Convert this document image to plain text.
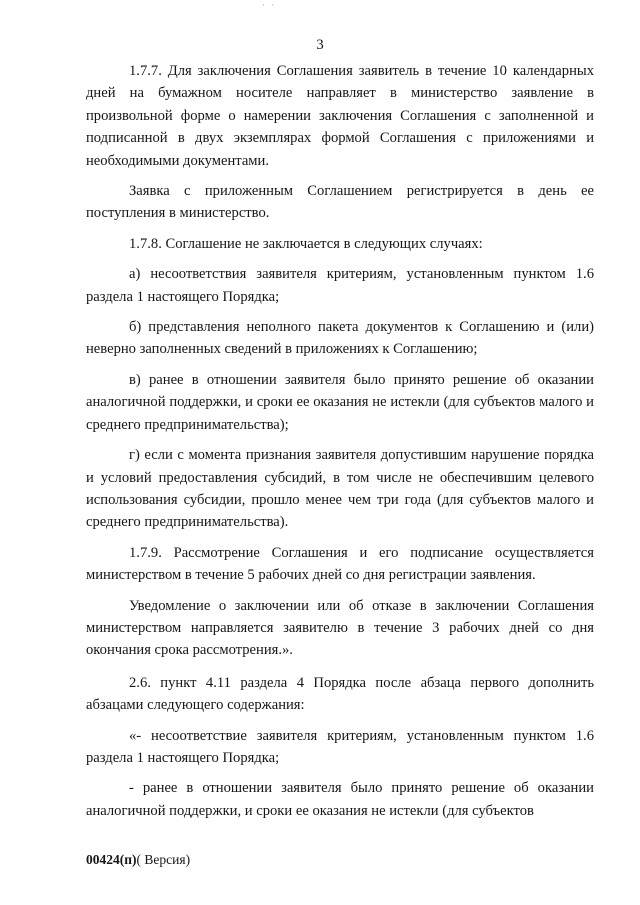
· ·
3

1.7.7. Для заключения Соглашения заявитель в течение 10 календарных дней на бумажном носителе направляет в министерство заявление в произвольной форме о намерении заключения Соглашения с заполненной и подписанной в двух экземплярах формой Соглашения с приложениями и необходимыми документами.

Заявка с приложенным Соглашением регистрируется в день ее поступления в министерство.

1.7.8. Соглашение не заключается в следующих случаях:

а) несоответствия заявителя критериям, установленным пунктом 1.6 раздела 1 настоящего Порядка;

б) представления неполного пакета документов к Соглашению и (или) неверно заполненных сведений в приложениях к Соглашению;

в) ранее в отношении заявителя было принято решение об оказании аналогичной поддержки, и сроки ее оказания не истекли (для субъектов малого и среднего предпринимательства);

г) если с момента признания заявителя допустившим нарушение порядка и условий предоставления субсидий, в том числе не обеспечившим целевого использования субсидии, прошло менее чем три года (для субъектов малого и среднего предпринимательства).

1.7.9. Рассмотрение Соглашения и его подписание осуществляется министерством в течение 5 рабочих дней со дня регистрации заявления.

Уведомление о заключении или об отказе в заключении Соглашения министерством направляется заявителю в течение 3 рабочих дней со дня окончания срока рассмотрения.».

2.6. пункт 4.11 раздела 4 Порядка после абзаца первого дополнить абзацами следующего содержания:

«- несоответствие заявителя критериям, установленным пунктом 1.6 раздела 1 настоящего Порядка;

- ранее в отношении заявителя было принято решение об оказании аналогичной поддержки, и сроки ее оказания не истекли (для субъектов

00424(п)( Версия)
